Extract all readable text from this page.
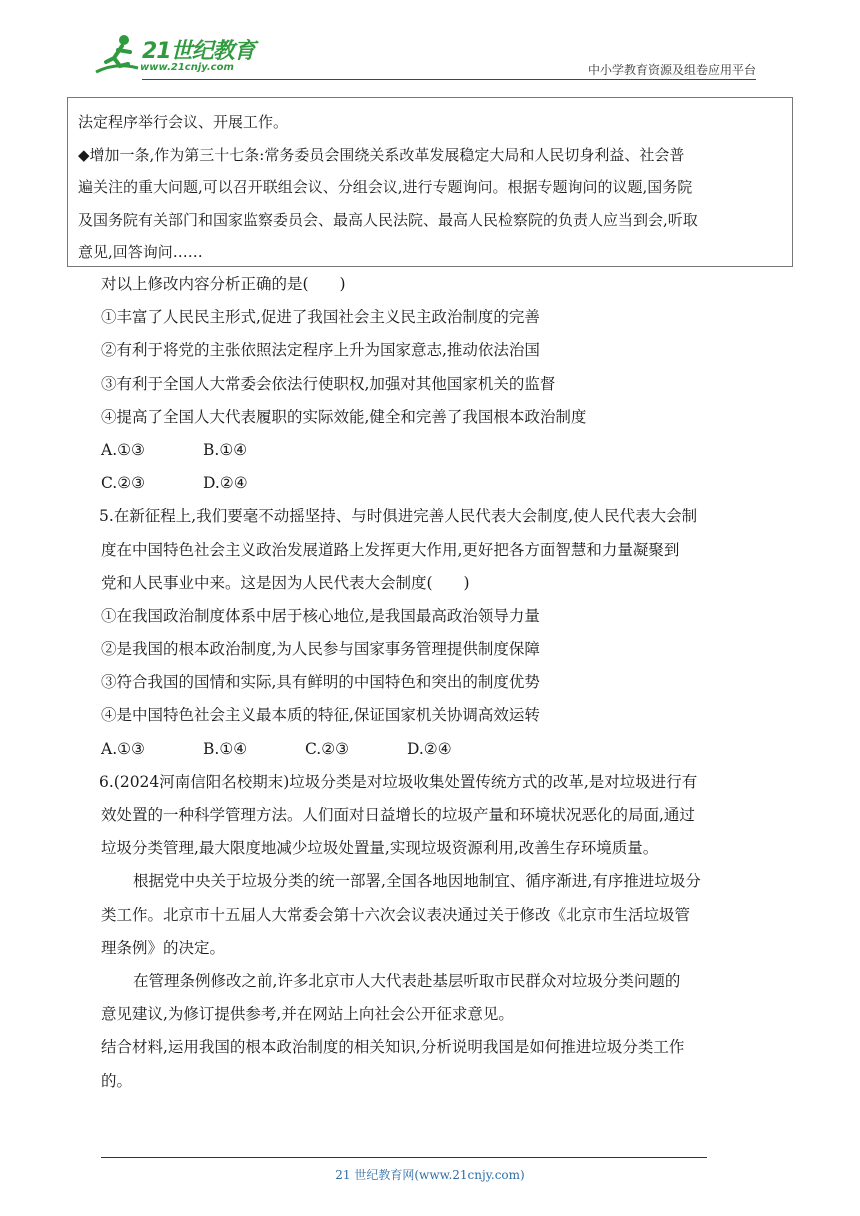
21世纪教育
www.21cnjy.com	中小学教育资源及组卷应用平台
法定程序举行会议、开展工作。
◆增加一条,作为第三十七条:常务委员会围绕关系改革发展稳定大局和人民切身利益、社会普
遍关注的重大问题,可以召开联组会议、分组会议,进行专题询问。根据专题询问的议题,国务院
及国务院有关部门和国家监察委员会、最高人民法院、最高人民检察院的负责人应当到会,听取
意见,回答询问……
对以上修改内容分析正确的是(　　)
①丰富了人民民主形式,促进了我国社会主义民主政治制度的完善
②有利于将党的主张依照法定程序上升为国家意志,推动依法治国
③有利于全国人大常委会依法行使职权,加强对其他国家机关的监督
④提高了全国人大代表履职的实际效能,健全和完善了我国根本政治制度
A.①③	B.①④
C.②③	D.②④
5.在新征程上,我们要毫不动摇坚持、与时俱进完善人民代表大会制度,使人民代表大会制
度在中国特色社会主义政治发展道路上发挥更大作用,更好把各方面智慧和力量凝聚到
党和人民事业中来。这是因为人民代表大会制度(　　)
①在我国政治制度体系中居于核心地位,是我国最高政治领导力量
②是我国的根本政治制度,为人民参与国家事务管理提供制度保障
③符合我国的国情和实际,具有鲜明的中国特色和突出的制度优势
④是中国特色社会主义最本质的特征,保证国家机关协调高效运转
A.①③	B.①④	C.②③	D.②④
6.(2024河南信阳名校期末)垃圾分类是对垃圾收集处置传统方式的改革,是对垃圾进行有
效处置的一种科学管理方法。人们面对日益增长的垃圾产量和环境状况恶化的局面,通过
垃圾分类管理,最大限度地减少垃圾处置量,实现垃圾资源利用,改善生存环境质量。
根据党中央关于垃圾分类的统一部署,全国各地因地制宜、循序渐进,有序推进垃圾分
类工作。北京市十五届人大常委会第十六次会议表决通过关于修改《北京市生活垃圾管
理条例》的决定。
在管理条例修改之前,许多北京市人大代表赴基层听取市民群众对垃圾分类问题的
意见建议,为修订提供参考,并在网站上向社会公开征求意见。
结合材料,运用我国的根本政治制度的相关知识,分析说明我国是如何推进垃圾分类工作
的。
21 世纪教育网(www.21cnjy.com)
